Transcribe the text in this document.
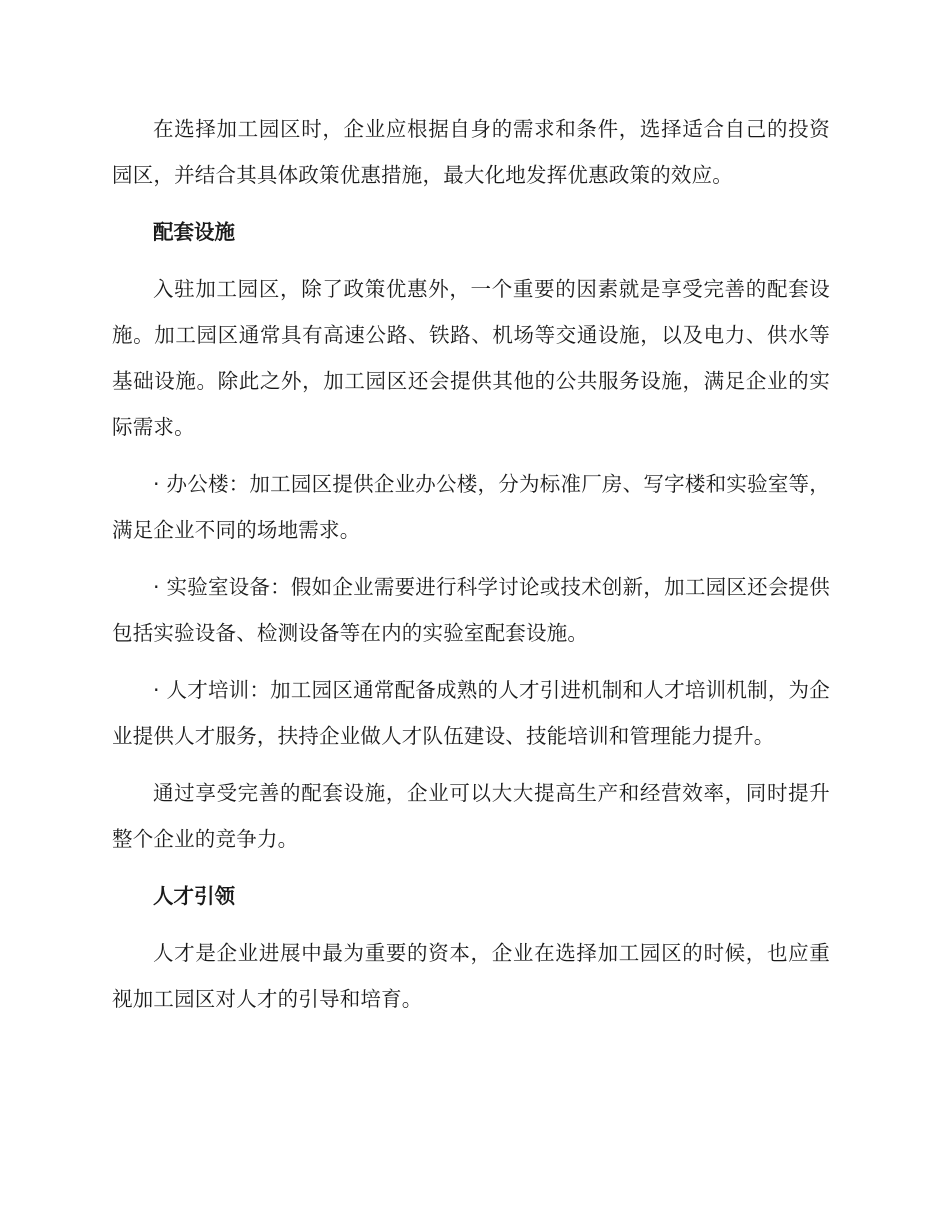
在选择加工园区时，企业应根据自身的需求和条件，选择适合自己的投资园区，并结合其具体政策优惠措施，最大化地发挥优惠政策的效应。

配套设施

入驻加工园区，除了政策优惠外，一个重要的因素就是享受完善的配套设施。加工园区通常具有高速公路、铁路、机场等交通设施，以及电力、供水等基础设施。除此之外，加工园区还会提供其他的公共服务设施，满足企业的实际需求。

· 办公楼：加工园区提供企业办公楼，分为标准厂房、写字楼和实验室等，满足企业不同的场地需求。

· 实验室设备：假如企业需要进行科学讨论或技术创新，加工园区还会提供包括实验设备、检测设备等在内的实验室配套设施。

· 人才培训：加工园区通常配备成熟的人才引进机制和人才培训机制，为企业提供人才服务，扶持企业做人才队伍建设、技能培训和管理能力提升。

通过享受完善的配套设施，企业可以大大提高生产和经营效率，同时提升整个企业的竞争力。

人才引领

人才是企业进展中最为重要的资本，企业在选择加工园区的时候，也应重视加工园区对人才的引导和培育。
